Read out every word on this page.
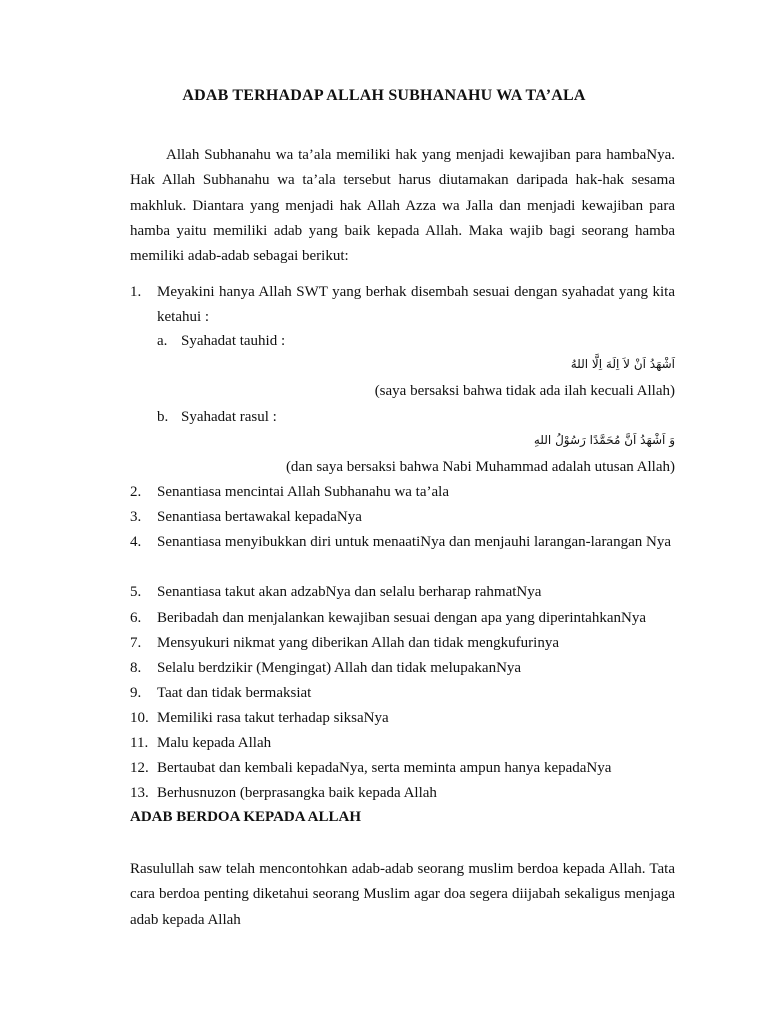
ADAB TERHADAP ALLAH SUBHANAHU WA TA’ALA

Allah Subhanahu wa ta’ala memiliki hak yang menjadi kewajiban para hambaNya. Hak Allah Subhanahu wa ta’ala tersebut harus diutamakan daripada hak-hak sesama makhluk. Diantara yang menjadi hak Allah Azza wa Jalla dan menjadi kewajiban para hamba yaitu memiliki adab yang baik kepada Allah. Maka wajib bagi seorang hamba memiliki adab-adab sebagai berikut:

1. Meyakini hanya Allah SWT yang berhak disembah sesuai dengan syahadat yang kita ketahui :
a. Syahadat tauhid :
اَشْهَدُ اَنْ لاَ اِلَهَ اِلَّا اللهُ
(saya bersaksi bahwa tidak ada ilah kecuali Allah)
b. Syahadat rasul :
وَ اَشْهَدُ اَنَّ مُحَمَّدًا رَسُوْلُ اللهِ
(dan saya bersaksi bahwa Nabi Muhammad adalah utusan Allah)
2. Senantiasa mencintai Allah Subhanahu wa ta’ala
3. Senantiasa bertawakal kepadaNya
4. Senantiasa menyibukkan diri untuk menaatiNya dan menjauhi larangan-larangan Nya
5. Senantiasa takut akan adzabNya dan selalu berharap rahmatNya
6. Beribadah dan menjalankan kewajiban sesuai dengan apa yang diperintahkanNya
7. Mensyukuri nikmat yang diberikan Allah dan tidak mengkufurinya
8. Selalu berdzikir (Mengingat) Allah dan tidak melupakanNya
9. Taat dan tidak bermaksiat
10. Memiliki rasa takut terhadap siksaNya
11. Malu kepada Allah
12. Bertaubat dan kembali kepadaNya, serta meminta ampun hanya kepadaNya
13. Berhusnuzon (berprasangka baik kepada Allah
ADAB BERDOA KEPADA ALLAH

Rasulullah saw telah mencontohkan adab-adab seorang muslim berdoa kepada Allah. Tata cara berdoa penting diketahui seorang Muslim agar doa segera diijabah sekaligus menjaga adab kepada Allah
